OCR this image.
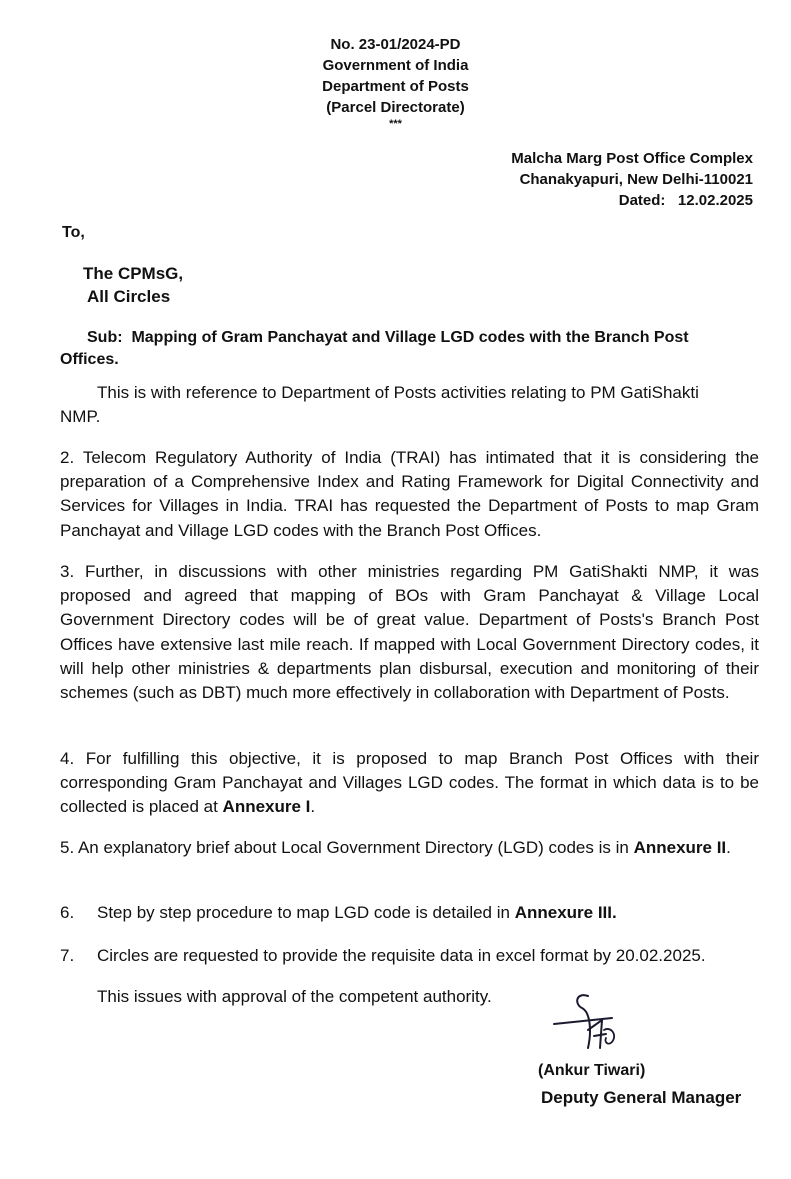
No. 23-01/2024-PD
Government of India
Department of Posts
(Parcel Directorate)
***
Malcha Marg Post Office Complex
Chanakyapuri, New Delhi-110021
Dated: 12.02.2025
To,
The CPMsG,
All Circles
Sub: Mapping of Gram Panchayat and Village LGD codes with the Branch Post
Offices.
This is with reference to Department of Posts activities relating to PM GatiShakti
NMP.
2. Telecom Regulatory Authority of India (TRAI) has intimated that it is considering the preparation of a Comprehensive Index and Rating Framework for Digital Connectivity and Services for Villages in India. TRAI has requested the Department of Posts to map Gram Panchayat and Village LGD codes with the Branch Post Offices.
3. Further, in discussions with other ministries regarding PM GatiShakti NMP, it was proposed and agreed that mapping of BOs with Gram Panchayat & Village Local Government Directory codes will be of great value. Department of Posts's Branch Post Offices have extensive last mile reach. If mapped with Local Government Directory codes, it will help other ministries & departments plan disbursal, execution and monitoring of their schemes (such as DBT) much more effectively in collaboration with Department of Posts.
4. For fulfilling this objective, it is proposed to map Branch Post Offices with their corresponding Gram Panchayat and Villages LGD codes. The format in which data is to be collected is placed at Annexure I.
5. An explanatory brief about Local Government Directory (LGD) codes is in Annexure II.
6. Step by step procedure to map LGD code is detailed in Annexure III.
7. Circles are requested to provide the requisite data in excel format by 20.02.2025.
This issues with approval of the competent authority.
(Ankur Tiwari)
Deputy General Manager
